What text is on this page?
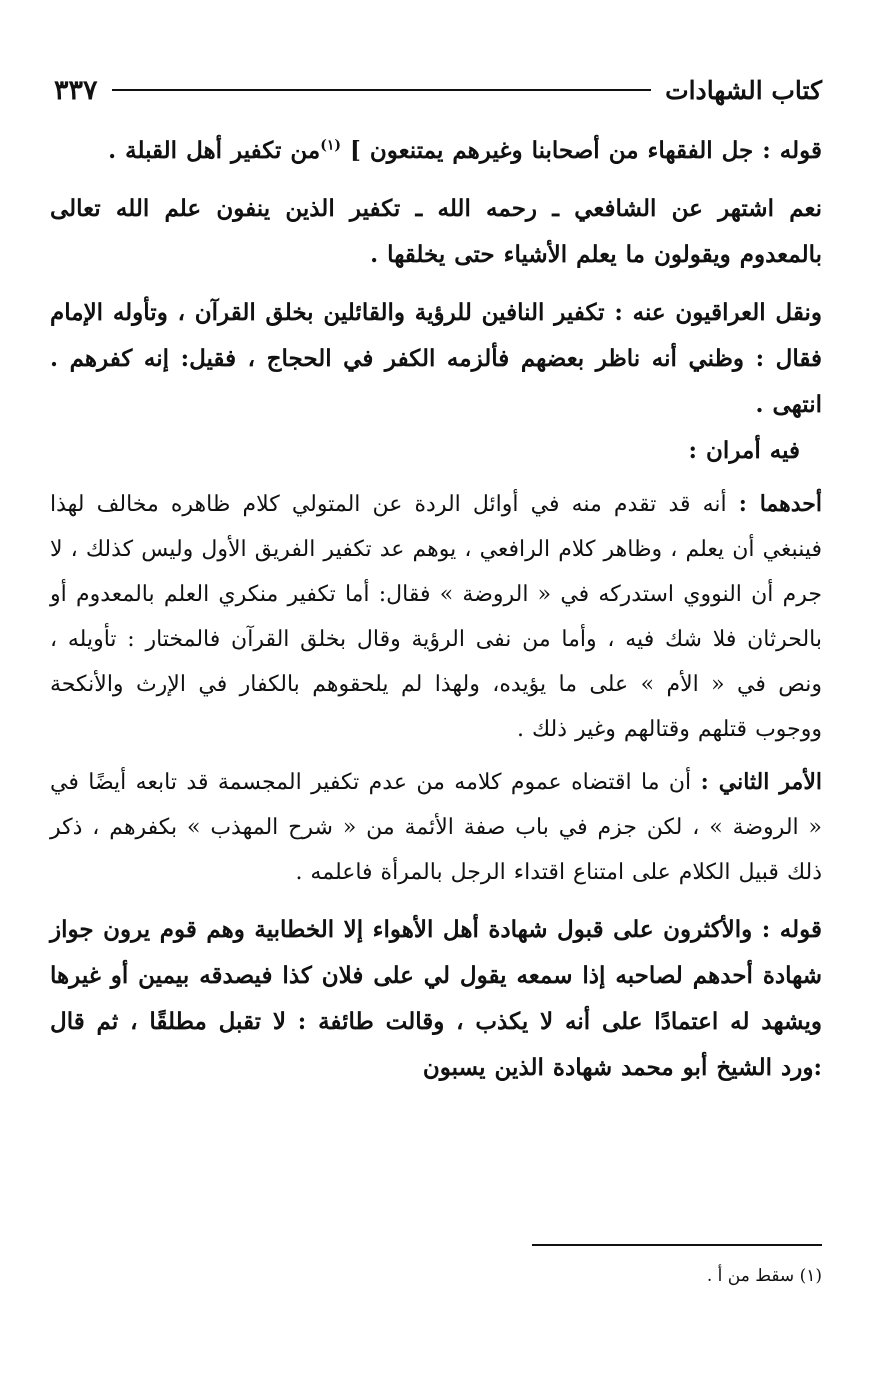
كتاب الشهادات
٣٣٧

قوله : جل الفقهاء من أصحابنا وغيرهم يمتنعون ] $^{(١)}$من تكفير أهل القبلة .

نعم اشتهر عن الشافعي ـ رحمه الله ـ تكفير الذين ينفون علم الله تعالى بالمعدوم ويقولون ما يعلم الأشياء حتى يخلقها .

ونقل العراقيون عنه : تكفير النافين للرؤية والقائلين بخلق القرآن ، وتأوله الإمام فقال : وظني أنه ناظر بعضهم فألزمه الكفر في الحجاج ، فقيل: إنه كفرهم . انتهى .

فيه أمران :

أحدهما : أنه قد تقدم منه في أوائل الردة عن المتولي كلام ظاهره مخالف لهذا فينبغي أن يعلم ، وظاهر كلام الرافعي ، يوهم عد تكفير الفريق الأول وليس كذلك ، لا جرم أن النووي استدركه في « الروضة » فقال: أما تكفير منكري العلم بالمعدوم أو بالحرثان فلا شك فيه ، وأما من نفى الرؤية وقال بخلق القرآن فالمختار : تأويله ، ونص في « الأم » على ما يؤيده، ولهذا لم يلحقوهم بالكفار في الإرث والأنكحة ووجوب قتلهم وقتالهم وغير ذلك .

الأمر الثاني : أن ما اقتضاه عموم كلامه من عدم تكفير المجسمة قد تابعه أيضًا في « الروضة » ، لكن جزم في باب صفة الأئمة من « شرح المهذب » بكفرهم ، ذكر ذلك قبيل الكلام على امتناع اقتداء الرجل بالمرأة فاعلمه .

قوله : والأكثرون على قبول شهادة أهل الأهواء إلا الخطابية وهم قوم يرون جواز شهادة أحدهم لصاحبه إذا سمعه يقول لي على فلان كذا فيصدقه بيمين أو غيرها ويشهد له اعتمادًا على أنه لا يكذب ، وقالت طائفة : لا تقبل مطلقًا ، ثم قال :ورد الشيخ أبو محمد شهادة الذين يسبون

(١) سقط من أ .
